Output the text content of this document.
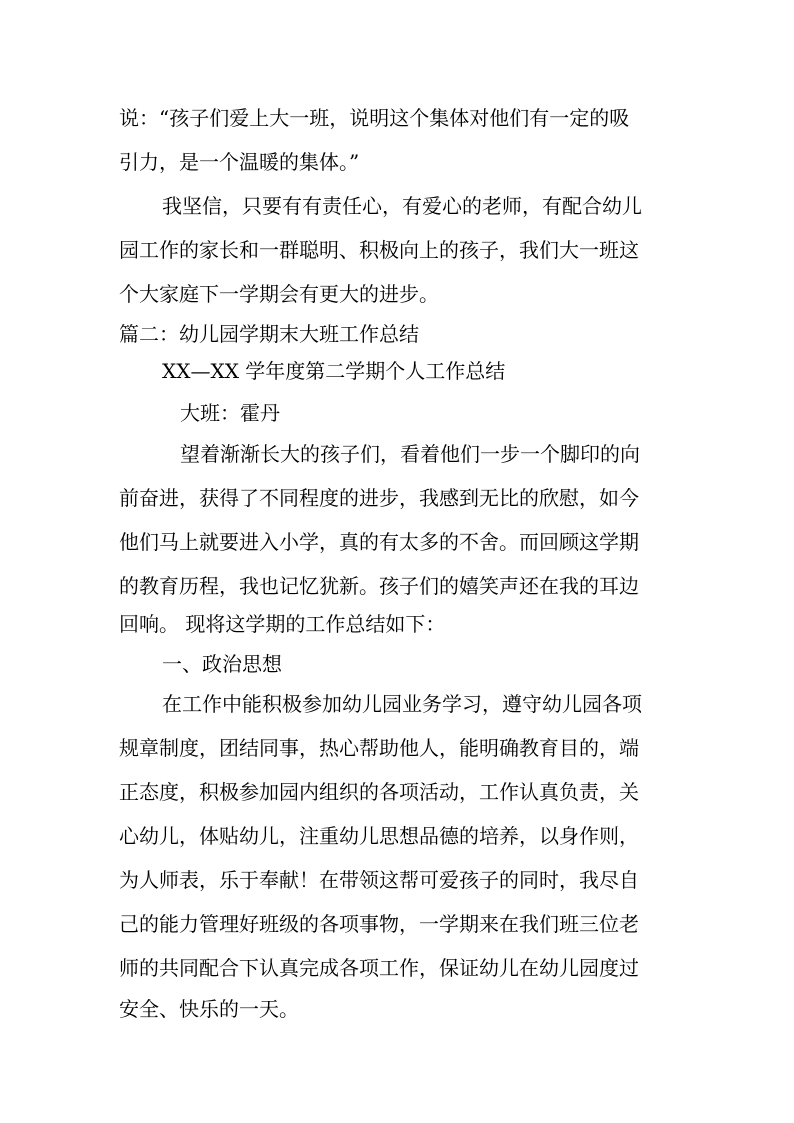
说：“孩子们爱上大一班，说明这个集体对他们有一定的吸
引力，是一个温暖的集体。”
我坚信，只要有有责任心，有爱心的老师，有配合幼儿
园工作的家长和一群聪明、积极向上的孩子，我们大一班这
个大家庭下一学期会有更大的进步。
篇二：幼儿园学期末大班工作总结
XX—XX 学年度第二学期个人工作总结
大班：霍丹
望着渐渐长大的孩子们，看着他们一步一个脚印的向
前奋进，获得了不同程度的进步，我感到无比的欣慰，如今
他们马上就要进入小学，真的有太多的不舍。而回顾这学期
的教育历程，我也记忆犹新。孩子们的嬉笑声还在我的耳边
回响。 现将这学期的工作总结如下：
一、政治思想
在工作中能积极参加幼儿园业务学习，遵守幼儿园各项
规章制度，团结同事，热心帮助他人，能明确教育目的，端
正态度，积极参加园内组织的各项活动，工作认真负责，关
心幼儿，体贴幼儿，注重幼儿思想品德的培养，以身作则，
为人师表，乐于奉献！在带领这帮可爱孩子的同时，我尽自
己的能力管理好班级的各项事物，一学期来在我们班三位老
师的共同配合下认真完成各项工作，保证幼儿在幼儿园度过
安全、快乐的一天。
